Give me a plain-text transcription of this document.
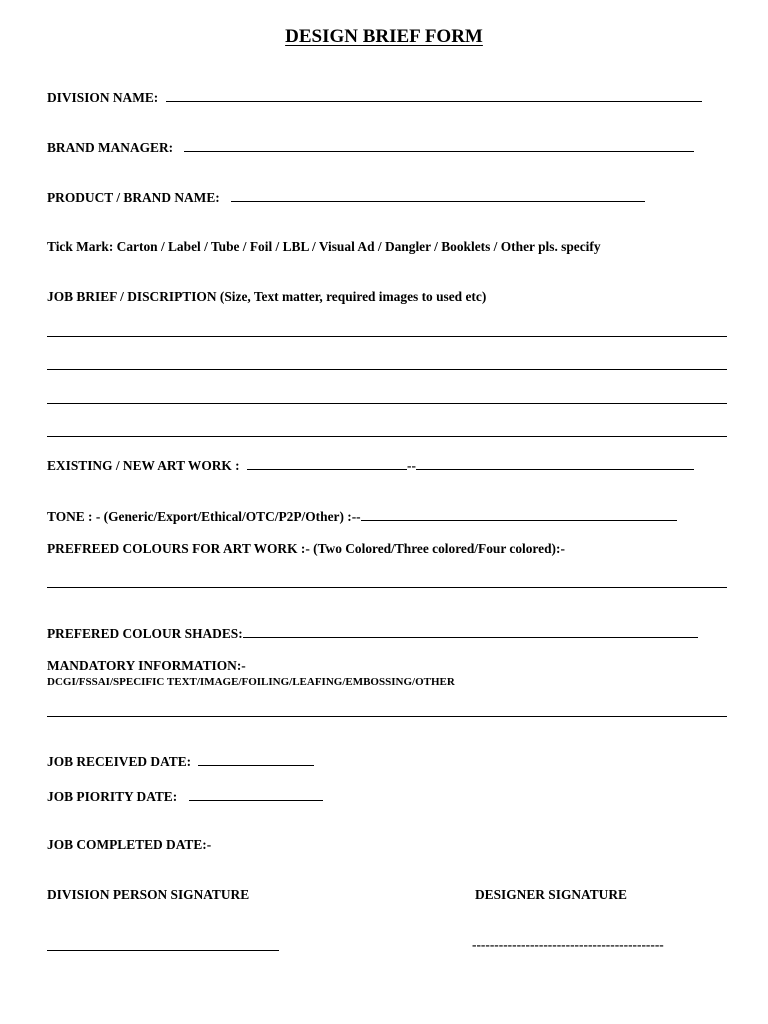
DESIGN BRIEF FORM
DIVISION NAME:
BRAND MANAGER:
PRODUCT / BRAND NAME:
Tick Mark: Carton / Label / Tube / Foil / LBL / Visual Ad / Dangler / Booklets / Other pls. specify
JOB BRIEF / DISCRIPTION (Size, Text matter, required images to used etc)
EXISTING / NEW ART WORK :	--
TONE : - (Generic/Export/Ethical/OTC/P2P/Other) :--
PREFREED COLOURS FOR ART WORK :- (Two Colored/Three colored/Four colored):-
PREFERED COLOUR SHADES:
MANDATORY INFORMATION:-
DCGI/FSSAI/SPECIFIC TEXT/IMAGE/FOILING/LEAFING/EMBOSSING/OTHER
JOB RECEIVED DATE:
JOB PIORITY DATE:
JOB COMPLETED DATE:-
DIVISION PERSON SIGNATURE	DESIGNER SIGNATURE
-------------------------------------------
